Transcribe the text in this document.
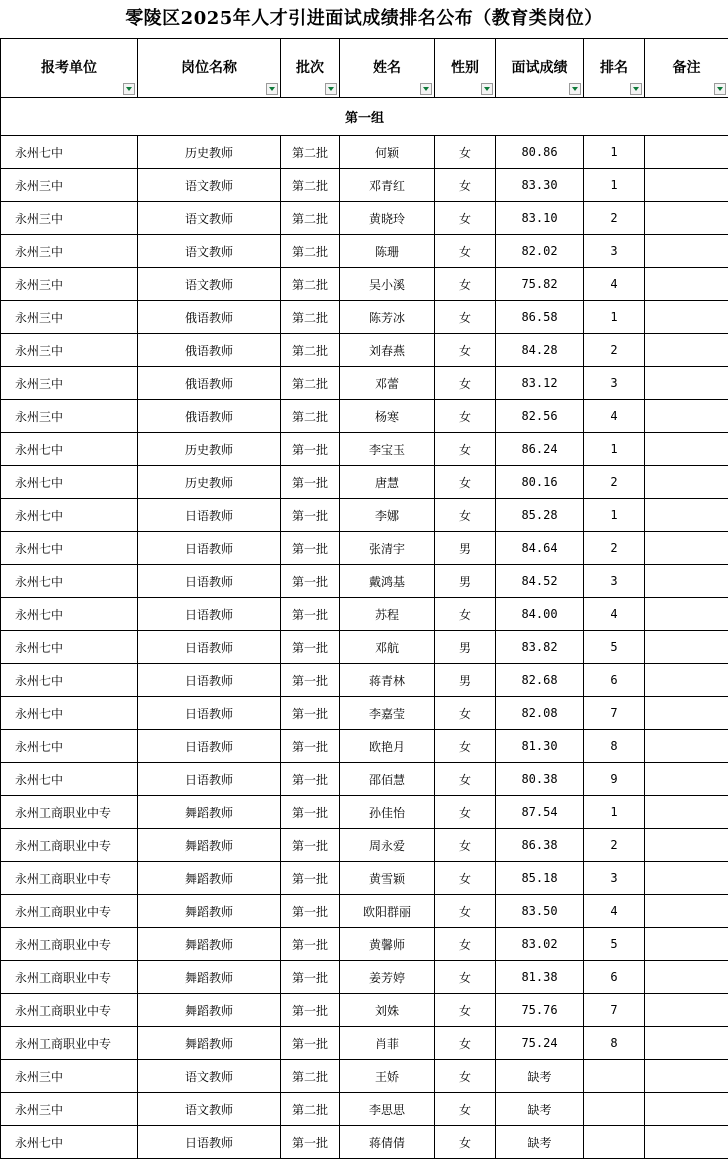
零陵区2025年人才引进面试成绩排名公布（教育类岗位）
报考单位	岗位名称	批次	姓名	性别	面试成绩	排名	备注

第一组							
永州七中	历史教师	第二批	何颖	女	80.86	1	
永州三中	语文教师	第二批	邓青红	女	83.30	1	
永州三中	语文教师	第二批	黄晓玲	女	83.10	2	
永州三中	语文教师	第二批	陈珊	女	82.02	3	
永州三中	语文教师	第二批	吴小溪	女	75.82	4	
永州三中	俄语教师	第二批	陈芳冰	女	86.58	1	
永州三中	俄语教师	第二批	刘春燕	女	84.28	2	
永州三中	俄语教师	第二批	邓蕾	女	83.12	3	
永州三中	俄语教师	第二批	杨寒	女	82.56	4	
永州七中	历史教师	第一批	李宝玉	女	86.24	1	
永州七中	历史教师	第一批	唐慧	女	80.16	2	
永州七中	日语教师	第一批	李娜	女	85.28	1	
永州七中	日语教师	第一批	张清宇	男	84.64	2	
永州七中	日语教师	第一批	戴鸿基	男	84.52	3	
永州七中	日语教师	第一批	苏程	女	84.00	4	
永州七中	日语教师	第一批	邓航	男	83.82	5	
永州七中	日语教师	第一批	蒋青林	男	82.68	6	
永州七中	日语教师	第一批	李嘉莹	女	82.08	7	
永州七中	日语教师	第一批	欧艳月	女	81.30	8	
永州七中	日语教师	第一批	邵佰慧	女	80.38	9	
永州工商职业中专	舞蹈教师	第一批	孙佳怡	女	87.54	1	
永州工商职业中专	舞蹈教师	第一批	周永爱	女	86.38	2	
永州工商职业中专	舞蹈教师	第一批	黄雪颖	女	85.18	3	
永州工商职业中专	舞蹈教师	第一批	欧阳群丽	女	83.50	4	
永州工商职业中专	舞蹈教师	第一批	黄馨师	女	83.02	5	
永州工商职业中专	舞蹈教师	第一批	姜芳婷	女	81.38	6	
永州工商职业中专	舞蹈教师	第一批	刘姝	女	75.76	7	
永州工商职业中专	舞蹈教师	第一批	肖菲	女	75.24	8	
永州三中	语文教师	第二批	王娇	女	缺考		
永州三中	语文教师	第二批	李思思	女	缺考		
永州七中	日语教师	第一批	蒋倩倩	女	缺考		
